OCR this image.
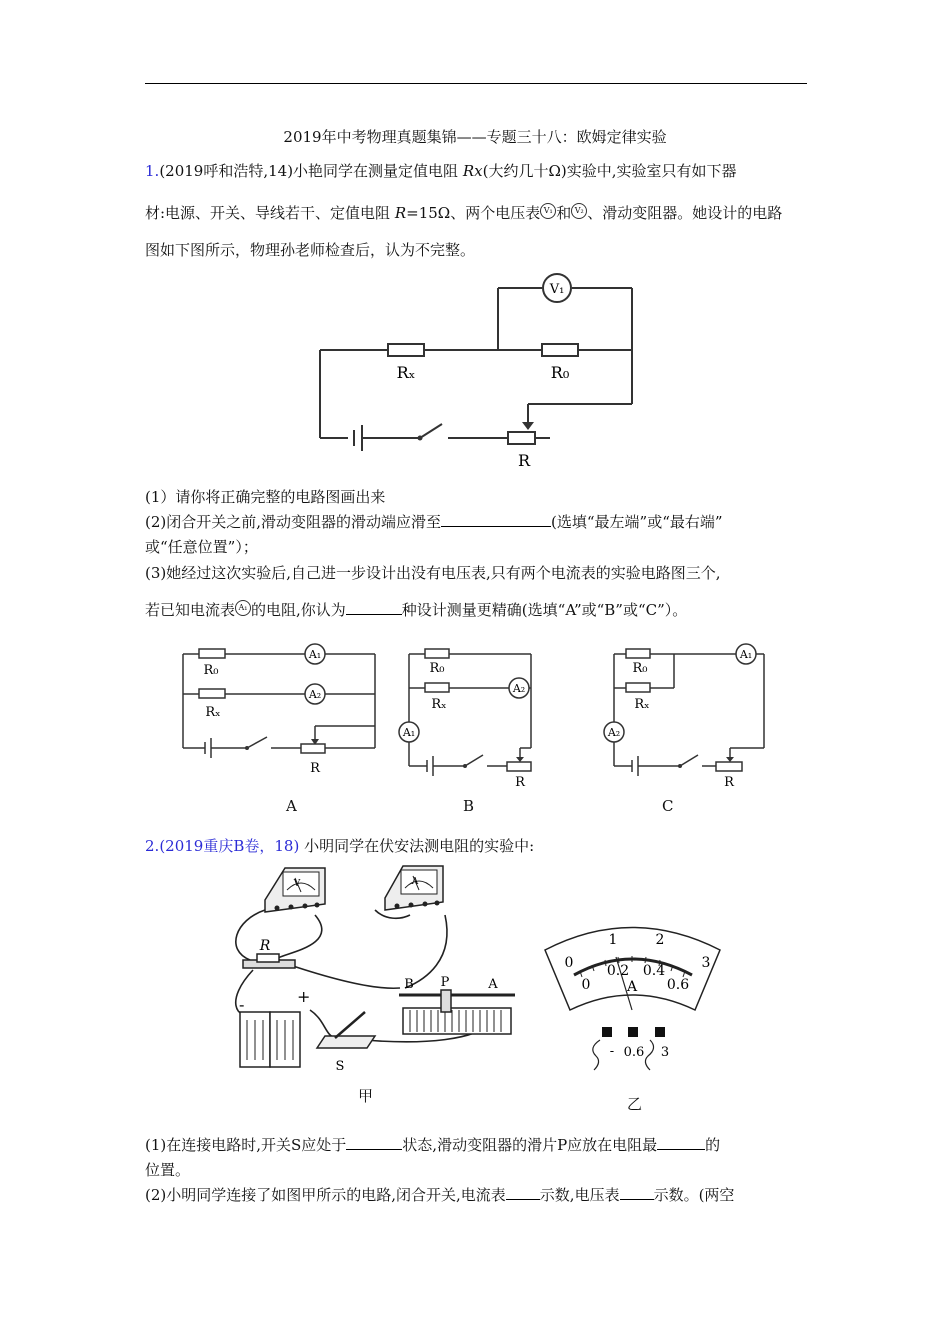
2019年中考物理真题集锦——专题三十八：欧姆定律实验
1.(2019呼和浩特,14)小艳同学在测量定值电阻 Rx(大约几十Ω)实验中,实验室只有如下器
材:电源、开关、导线若干、定值电阻 R=15Ω、两个电压表 V₁ 和 V₂ 、滑动变阻器。她设计的电路
图如下图所示，物理孙老师检查后，认为不完整。
V₁
Rₓ	R₀
R
(1）请你将正确完整的电路图画出来
(2)闭合开关之前,滑动变阻器的滑动端应滑至	(选填“最左端”或“最右端”
或“任意位置”）；
(3)她经过这次实验后,自己进一步设计出没有电压表,只有两个电流表的实验电路图三个,
若已知电流表 A₁ 的电阻,你认为	种设计测量更精确(选填“A”或“B”或“C”）。
A₁
A₂
R₀
Rₓ
R
A
A₁
A₂
R₀
Rₓ
R
B
A₁
A₂
R₀
Rₓ
R
C
2.(2019重庆B卷，18) 小明同学在伏安法测电阻的实验中:
V	A
R
-	+
S
B P	A
甲
0
1	2
3
0
0.2 0.4
0.6
A
- 0.6 3
乙
(1)在连接电路时,开关S应处于	状态,滑动变阻器的滑片P应放在电阻最	的
位置。
(2)小明同学连接了如图甲所示的电路,闭合开关,电流表 示数,电压表 示数。(两空
